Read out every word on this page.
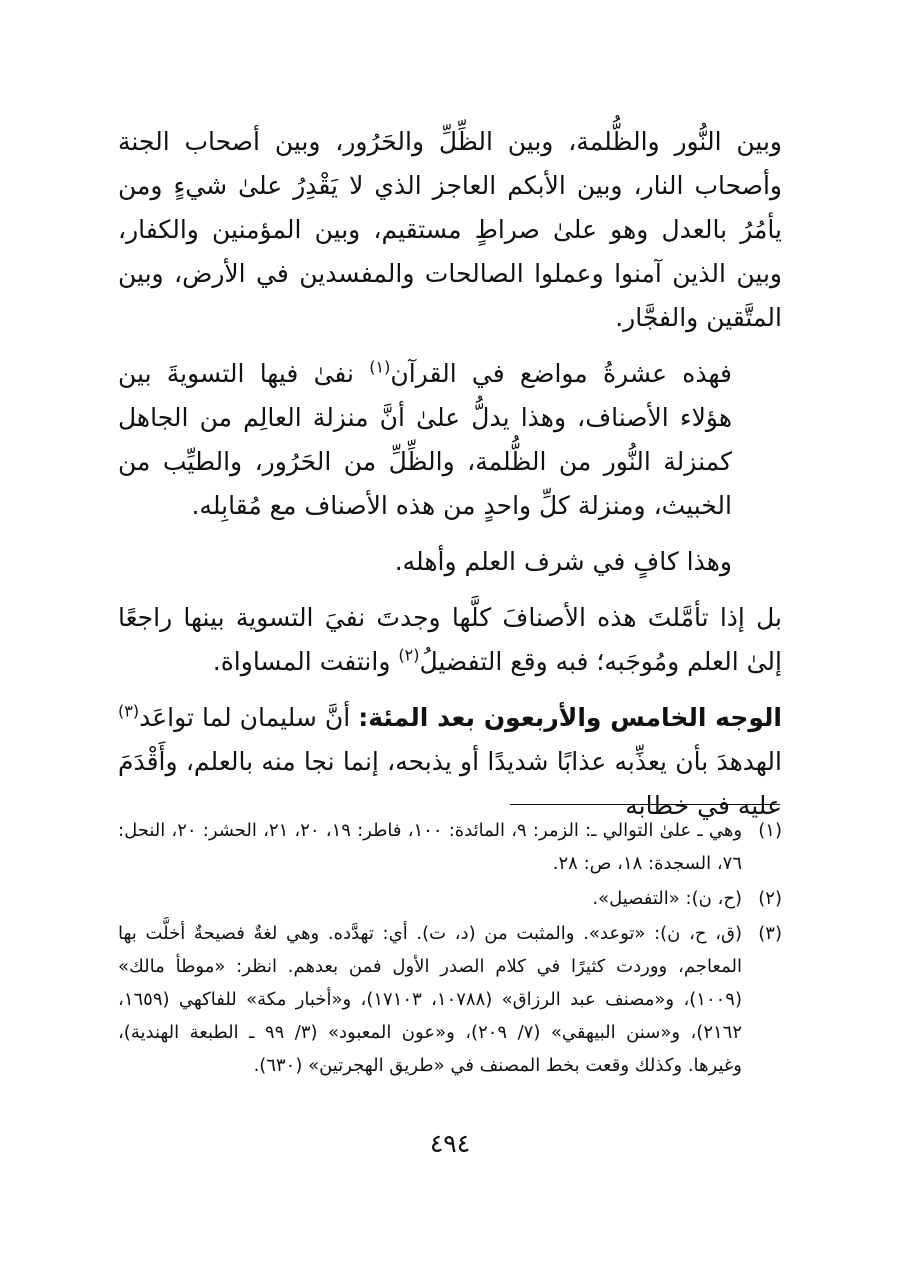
وبين النُّور والظُّلمة، وبين الظِّلِّ والحَرُور، وبين أصحاب الجنة وأصحاب النار، وبين الأبكم العاجز الذي لا يَقْدِرُ علىٰ شيءٍ ومن يأمُرُ بالعدل وهو علىٰ صراطٍ مستقيم، وبين المؤمنين والكفار، وبين الذين آمنوا وعملوا الصالحات والمفسدين في الأرض، وبين المتَّقين والفجَّار.

فهذه عشرةُ مواضع في القرآن$^{(١)}$ نفىٰ فيها التسويةَ بين هؤلاء الأصناف، وهذا يدلُّ علىٰ أنَّ منزلة العالِم من الجاهل كمنزلة النُّور من الظُّلمة، والظِّلِّ من الحَرُور، والطيِّب من الخبيث، ومنزلة كلِّ واحدٍ من هذه الأصناف مع مُقابِله.

وهذا كافٍ في شرف العلم وأهله.

بل إذا تأمَّلتَ هذه الأصنافَ كلَّها وجدتَ نفيَ التسوية بينها راجعًا إلىٰ العلم ومُوجَبه؛ فبه وقع التفضيلُ$^{(٢)}$ وانتفت المساواة.

الوجه الخامس والأربعون بعد المئة: أنَّ سليمان لما تواعَد$^{(٣)}$ الهدهدَ بأن يعذِّبه عذابًا شديدًا أو يذبحه، إنما نجا منه بالعلم، وأَقْدَمَ عليه في خطابه

(١)
وهي ـ علىٰ التوالي ـ: الزمر: ٩، المائدة: ١٠٠، فاطر: ١٩، ٢٠، ٢١، الحشر: ٢٠، النحل: ٧٦، السجدة: ١٨، ص: ٢٨.
(٢)
(ح، ن): «التفصيل».
(٣)
(ق، ح، ن): «توعد». والمثبت من (د، ت). أي: تهدَّده. وهي لغةٌ فصيحةٌ أخلَّت بها المعاجم، ووردت كثيرًا في كلام الصدر الأول فمن بعدهم. انظر: «موطأ مالك» (١٠٠٩)، و«مصنف عبد الرزاق» (١٠٧٨٨، ١٧١٠٣)، و«أخبار مكة» للفاكهي (١٦٥٩، ٢١٦٢)، و«سنن البيهقي» (٧/ ٢٠٩)، و«عون المعبود» (٣/ ٩٩ ـ الطبعة الهندية)، وغيرها. وكذلك وقعت بخط المصنف في «طريق الهجرتين» (٦٣٠).
٤٩٤
